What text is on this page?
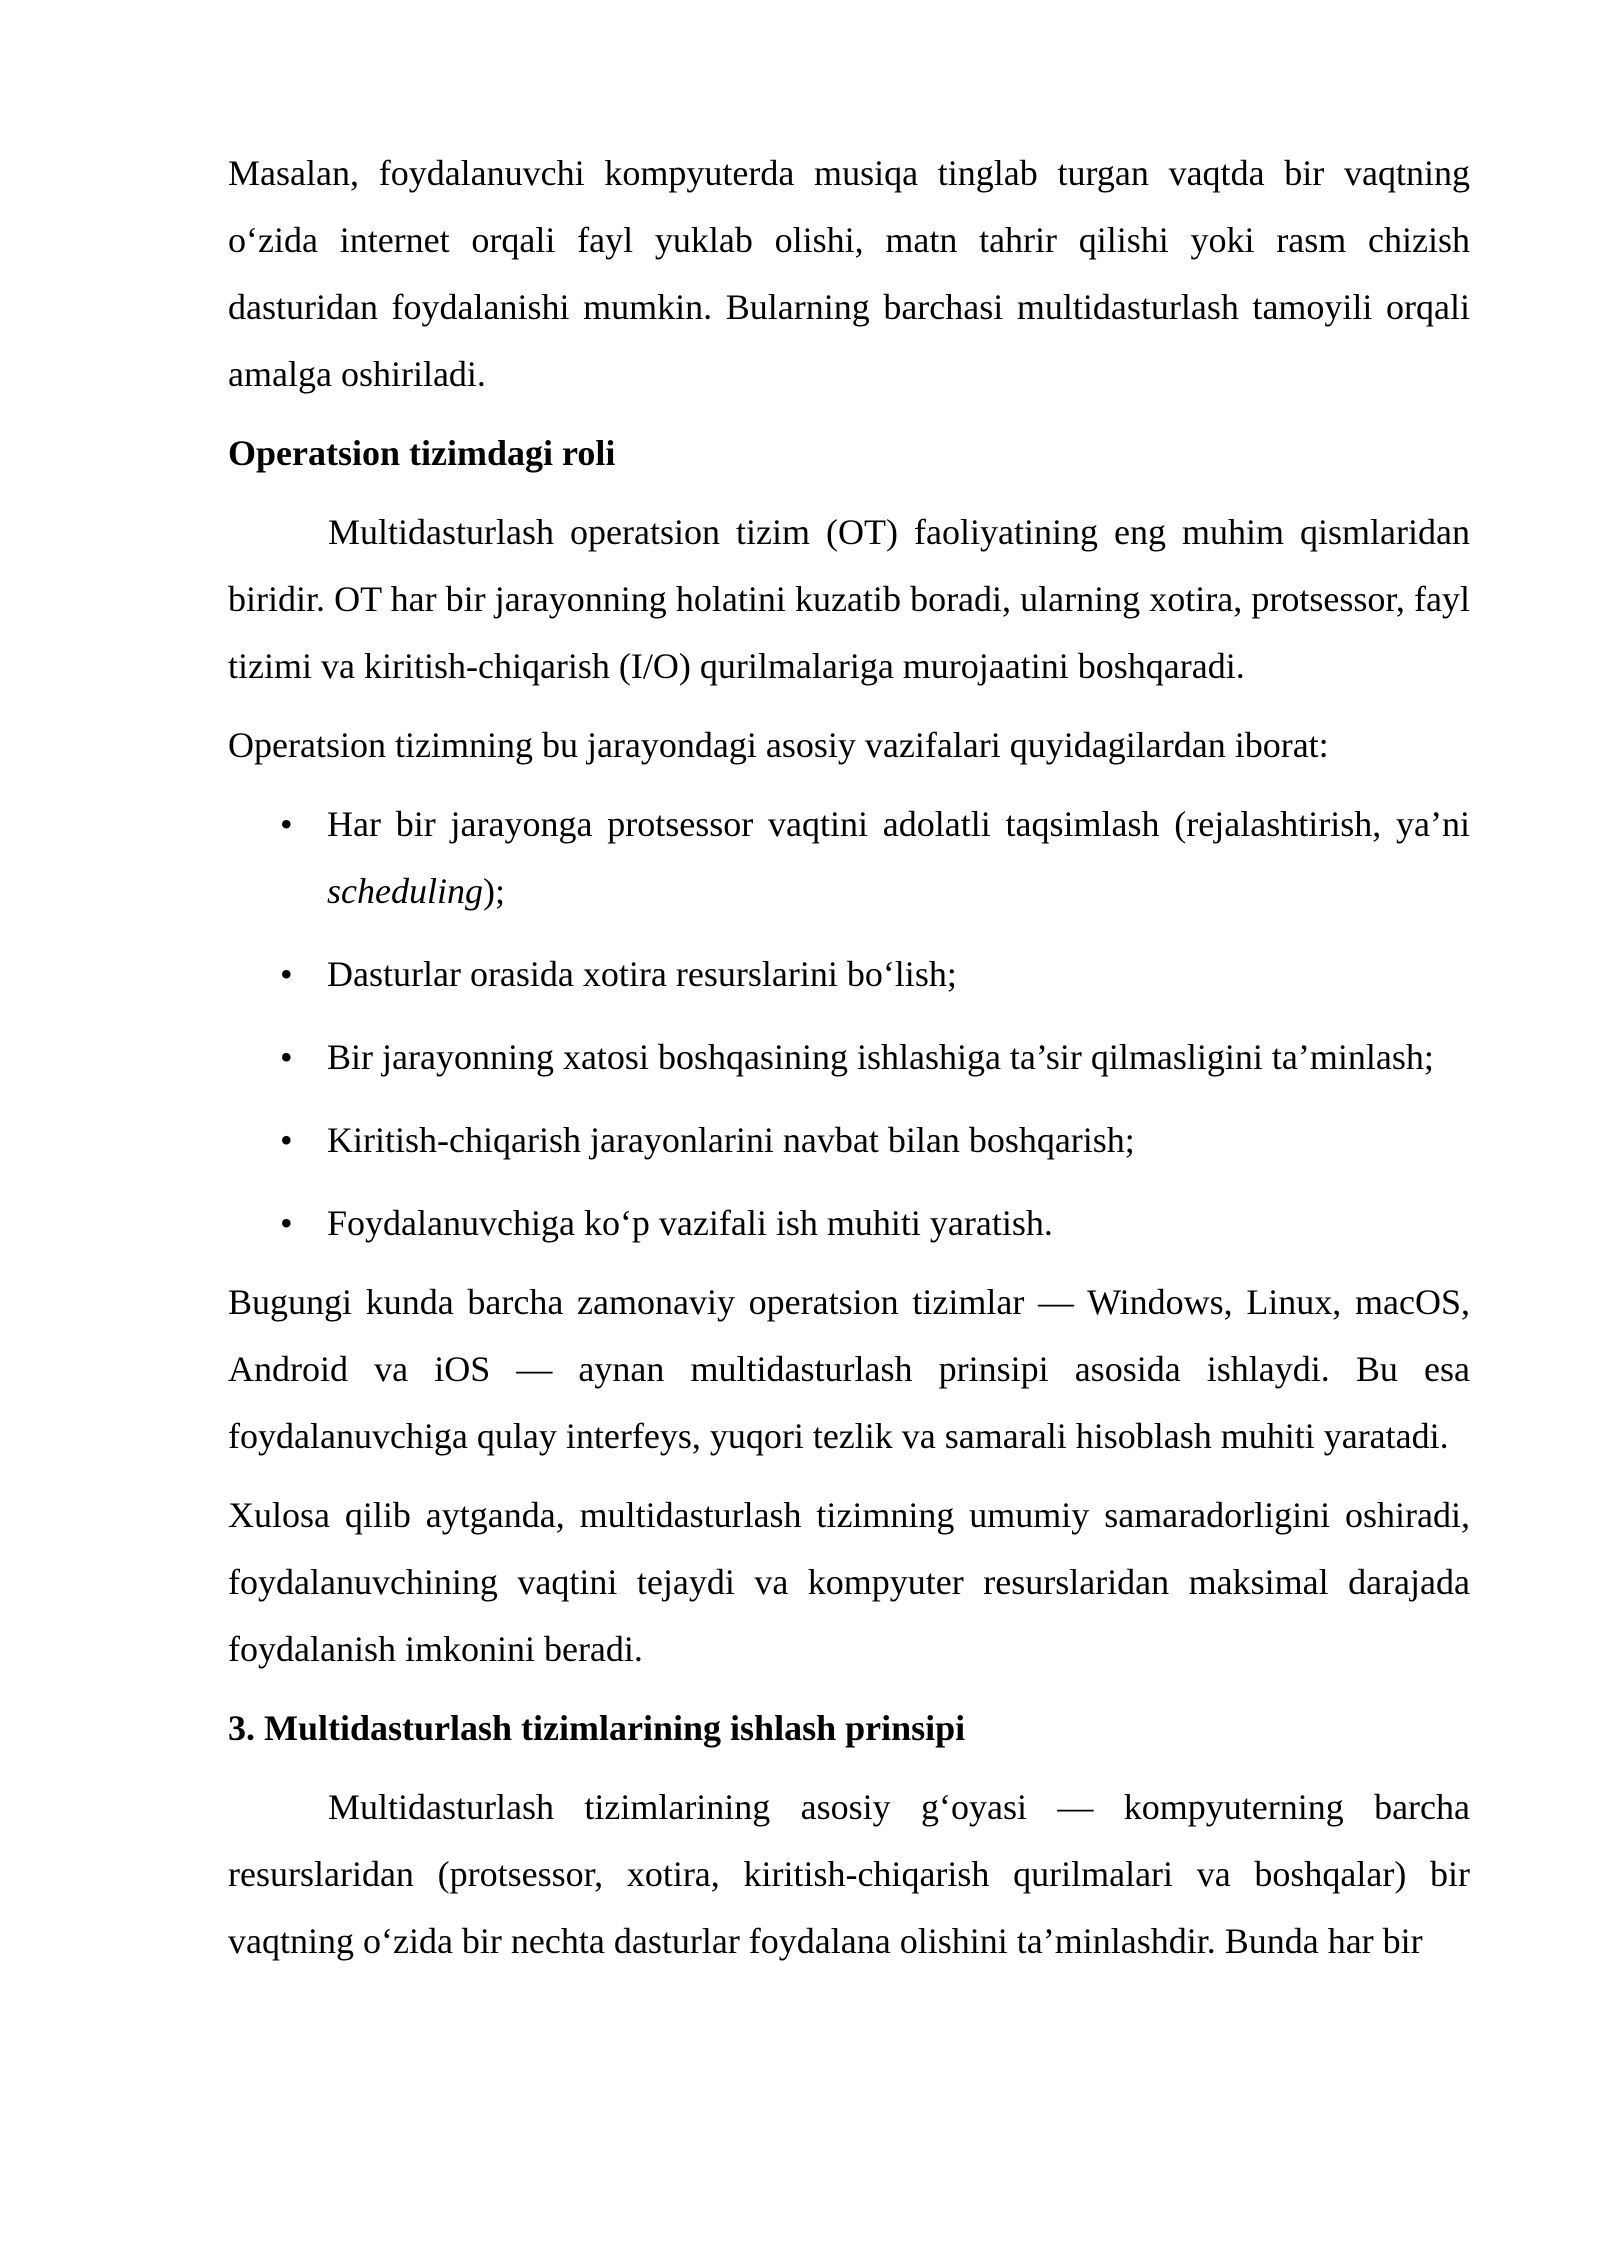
Masalan, foydalanuvchi kompyuterda musiqa tinglab turgan vaqtda bir vaqtning o‘zida internet orqali fayl yuklab olishi, matn tahrir qilishi yoki rasm chizish dasturidan foydalanishi mumkin. Bularning barchasi multidasturlash tamoyili orqali amalga oshiriladi.

Operatsion tizimdagi roli

Multidasturlash operatsion tizim (OT) faoliyatining eng muhim qismlaridan biridir. OT har bir jarayonning holatini kuzatib boradi, ularning xotira, protsessor, fayl tizimi va kiritish-chiqarish (I/O) qurilmalariga murojaatini boshqaradi.

Operatsion tizimning bu jarayondagi asosiy vazifalari quyidagilardan iborat:

• Har bir jarayonga protsessor vaqtini adolatli taqsimlash (rejalashtirish, ya’ni scheduling);
• Dasturlar orasida xotira resurslarini bo‘lish;
• Bir jarayonning xatosi boshqasining ishlashiga ta’sir qilmasligini ta’minlash;
• Kiritish-chiqarish jarayonlarini navbat bilan boshqarish;
• Foydalanuvchiga ko‘p vazifali ish muhiti yaratish.

Bugungi kunda barcha zamonaviy operatsion tizimlar — Windows, Linux, macOS, Android va iOS — aynan multidasturlash prinsipi asosida ishlaydi. Bu esa foydalanuvchiga qulay interfeys, yuqori tezlik va samarali hisoblash muhiti yaratadi.

Xulosa qilib aytganda, multidasturlash tizimning umumiy samaradorligini oshiradi, foydalanuvchining vaqtini tejaydi va kompyuter resurslaridan maksimal darajada foydalanish imkonini beradi.

3. Multidasturlash tizimlarining ishlash prinsipi

Multidasturlash tizimlarining asosiy g‘oyasi — kompyuterning barcha resurslaridan (protsessor, xotira, kiritish-chiqarish qurilmalari va boshqalar) bir vaqtning o‘zida bir nechta dasturlar foydalana olishini ta’minlashdir. Bunda har bir
